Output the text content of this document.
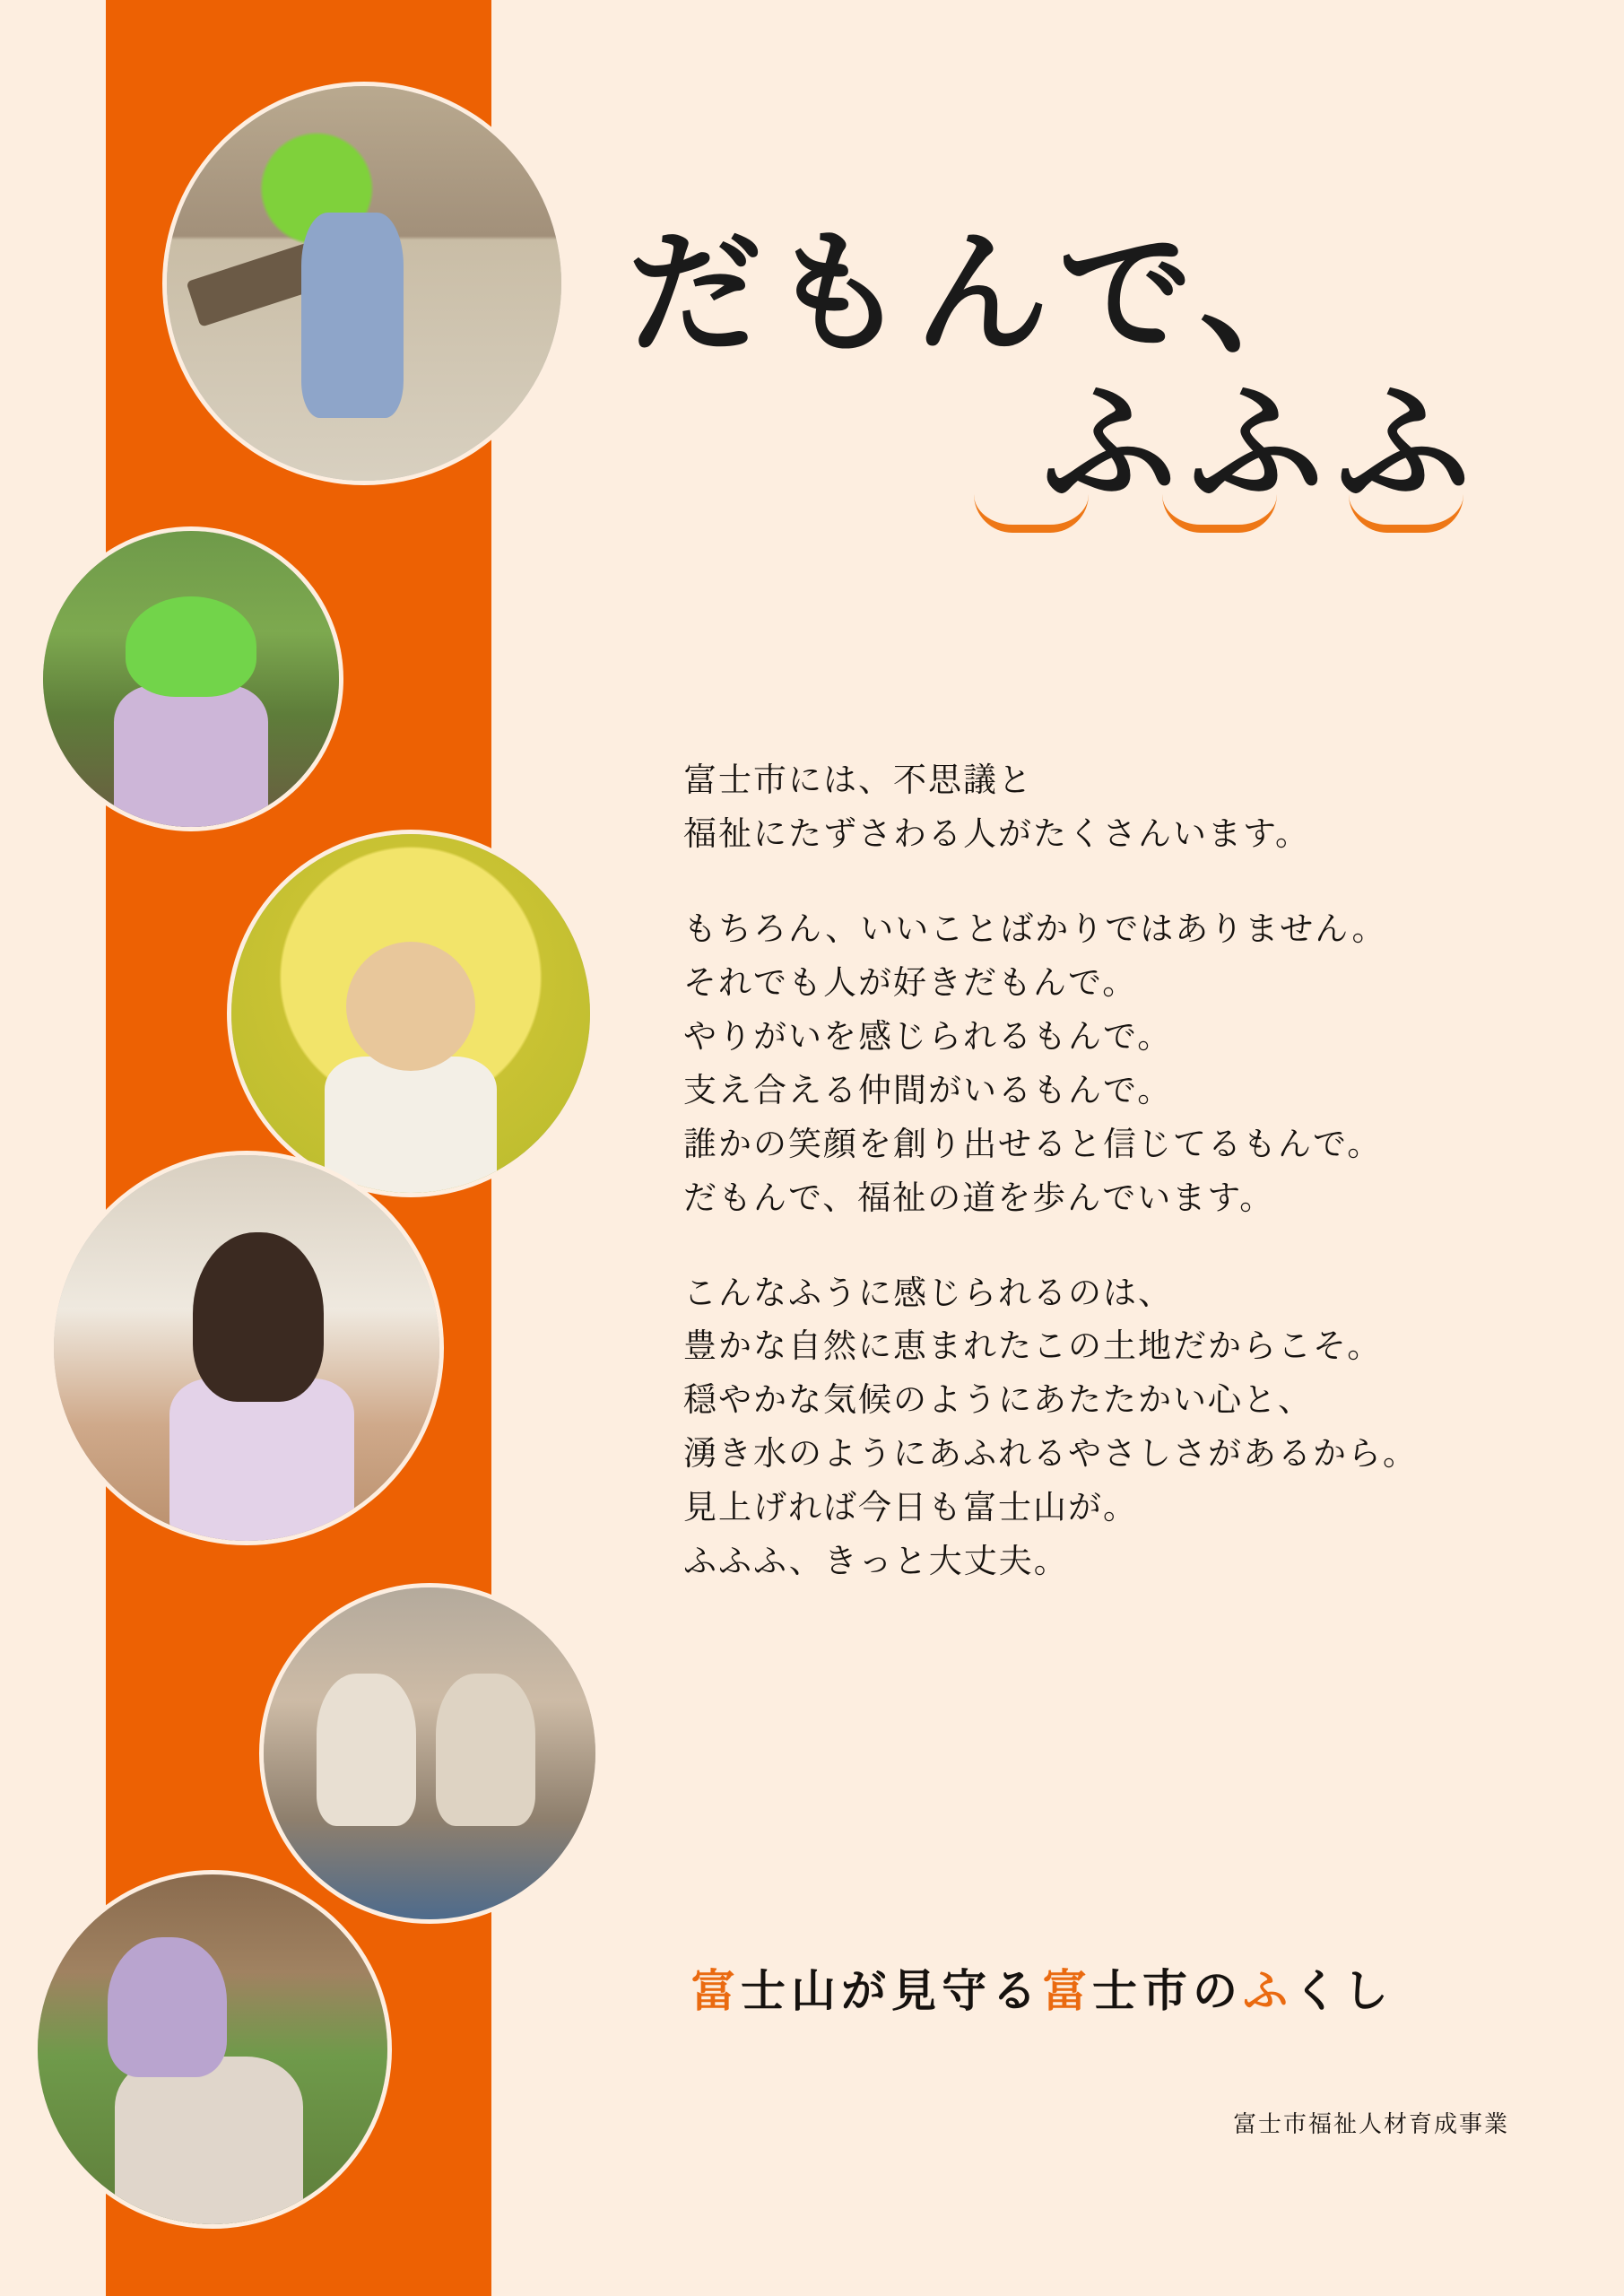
だもんで、
ふふふ

富士市には、不思議と

福祉にたずさわる人がたくさんいます。

もちろん、いいことばかりではありません。

それでも人が好きだもんで。

やりがいを感じられるもんで。

支え合える仲間がいるもんで。

誰かの笑顔を創り出せると信じてるもんで。

だもんで、福祉の道を歩んでいます。

こんなふうに感じられるのは、

豊かな自然に恵まれたこの土地だからこそ。

穏やかな気候のようにあたたかい心と、

湧き水のようにあふれるやさしさがあるから。

見上げれば今日も富士山が。

ふふふ、きっと大丈夫。

富士山が見守る富士市のふくし
富士市福祉人材育成事業
